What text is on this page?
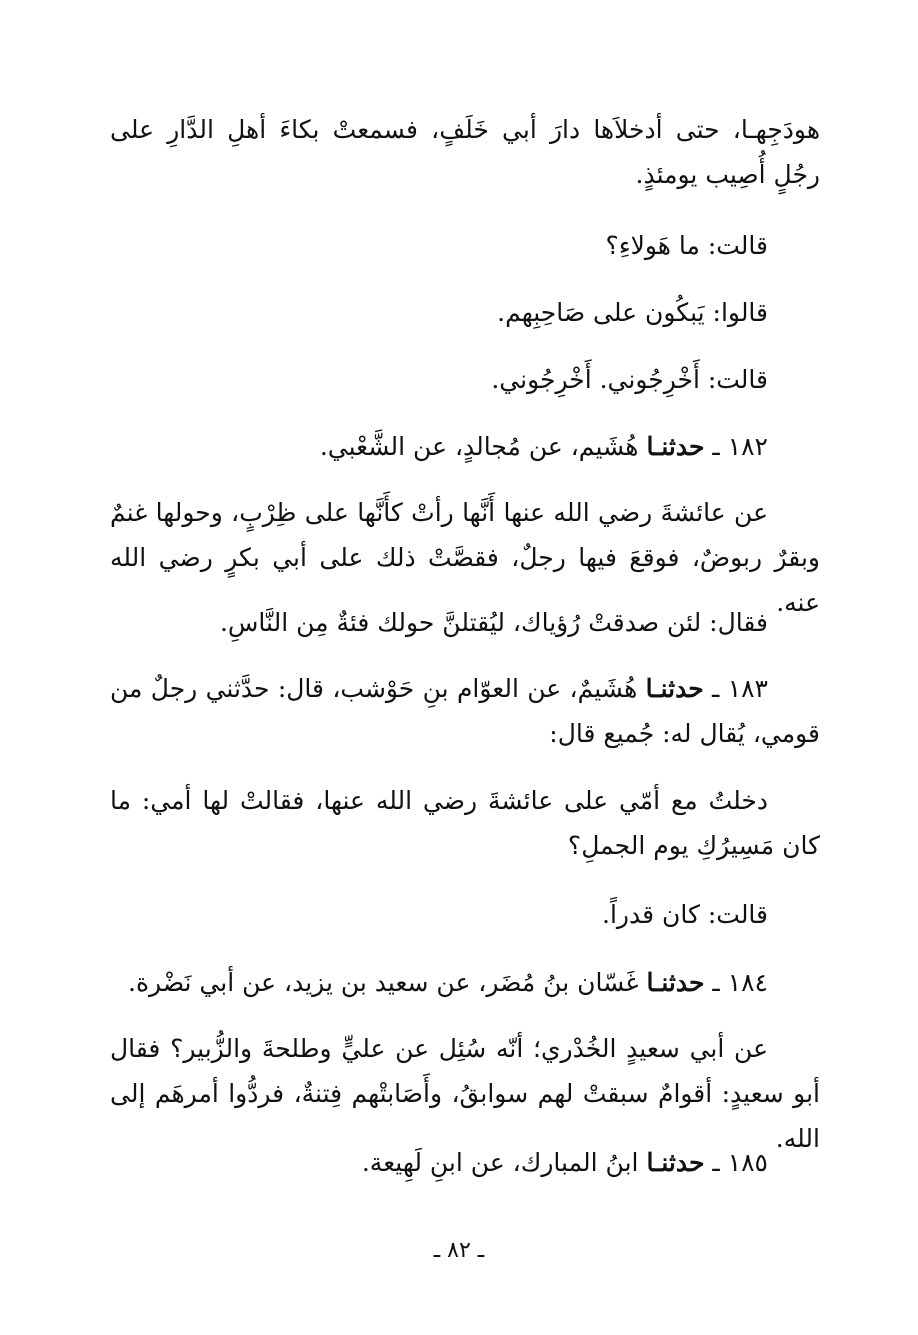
هودَجِهـا، حتى أدخلاَها دارَ أبي خَلَفٍ، فسمعتْ بكاءَ أهلِ الدَّارِ على رجُلٍ أُصِيب يومئذٍ.

قالت: ما هَولاءِ؟

قالوا: يَبكُون على صَاحِبِهم.

قالت: أَخْرِجُوني. أَخْرِجُوني.

١٨٢ ـ حدثنـا هُشَيم، عن مُجالدٍ، عن الشَّعْبي.

عن عائشةَ رضي الله عنها أَنَّها رأتْ كأَنَّها على ظِرْبٍ، وحولها غنمٌ وبقرٌ ربوضٌ، فوقعَ فيها رجلٌ، فقصَّتْ ذلك على أبي بكرٍ رضي الله عنه.

فقال: لئن صدقتْ رُؤياك، ليُقتلنَّ حولك فئةٌ مِن النَّاسِ.

١٨٣ ـ حدثنـا هُشَيمٌ، عن العوّام بنِ حَوْشب، قال: حدَّثني رجلٌ من قومي، يُقال له: جُميع قال:

دخلتُ مع أمّي على عائشةَ رضي الله عنها، فقالتْ لها أمي: ما كان مَسِيرُكِ يوم الجملِ؟

قالت: كان قدراً.

١٨٤ ـ حدثنـا غَسّان بنُ مُضَر، عن سعيد بن يزيد، عن أبي نَضْرة.

عن أبي سعيدٍ الخُدْري؛ أنّه سُئِل عن عليٍّ وطلحةَ والزُّبير؟ فقال أبو سعيدٍ: أقوامٌ سبقتْ لهم سوابقُ، وأَصَابتْهم فِتنةٌ، فردُّوا أمرهَم إلى الله.

١٨٥ ـ حدثنـا ابنُ المبارك، عن ابنِ لَهِيعة.

ـ ٨٢ ـ
